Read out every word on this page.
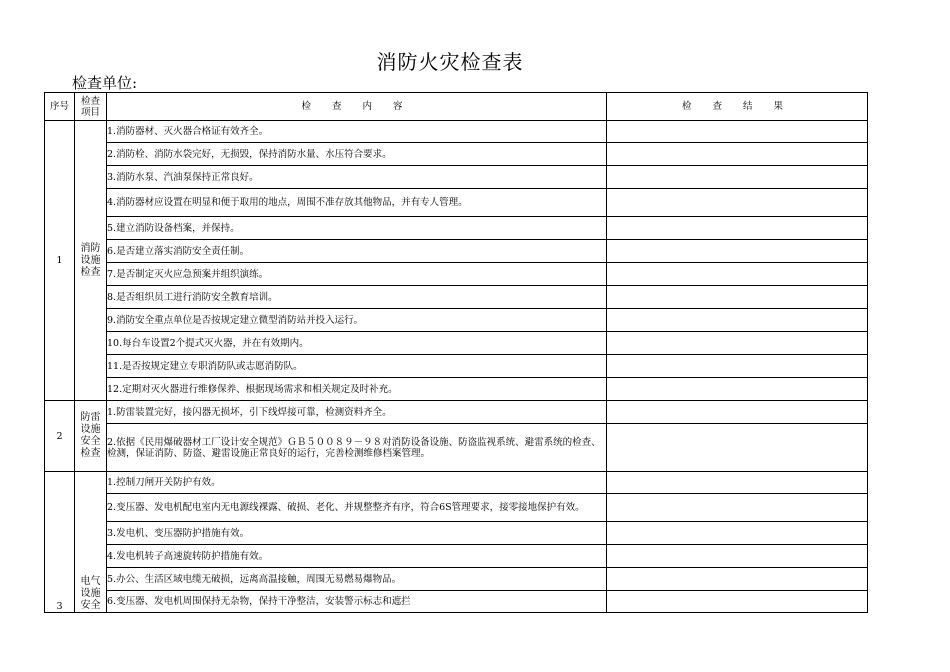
消防火灾检查表
检查单位:
序号	检查项目	检 查 内 容	检 查 结 果
1	消防设施检查	1.消防器材、灭火器合格证有效齐全。	
		2.消防栓、消防水袋完好，无损毁，保持消防水量、水压符合要求。	
		3.消防水泵、汽油泵保持正常良好。	
		4.消防器材应设置在明显和便于取用的地点，周围不准存放其他物品，并有专人管理。	
		5.建立消防设备档案，并保持。	
		6.是否建立落实消防安全责任制。	
		7.是否制定灭火应急预案并组织演练。	
		8.是否组织员工进行消防安全教育培训。	
		9.消防安全重点单位是否按规定建立微型消防站并投入运行。	
		10.每台车设置2个提式灭火器，并在有效期内。	
		11.是否按规定建立专职消防队或志愿消防队。	
		12.定期对灭火器进行维修保养、根据现场需求和相关规定及时补充。	
2	防雷设施安全检查	1.防雷装置完好，接闪器无损坏，引下线焊接可靠，检测资料齐全。	
		2.依据《民用爆破器材工厂设计安全规范》ＧＢ５００８９－９８对消防设备设施、防盗监视系统、避雷系统的检查、检测，保证消防、防盗、避雷设施正常良好的运行，完善检测维修档案管理。	
3	电气设施安全	1.控制刀闸开关防护有效。	
		2.变压器、发电机配电室内无电源线裸露、破损、老化、并规整整齐有序，符合6S管理要求，接零接地保护有效。	
		3.发电机、变压器防护措施有效。	
		4.发电机转子高速旋转防护措施有效。	
		5.办公、生活区域电缆无破损，远离高温接触，周围无易燃易爆物品。	
		6.变压器、发电机周围保持无杂物，保持干净整洁，安装警示标志和遮拦	
